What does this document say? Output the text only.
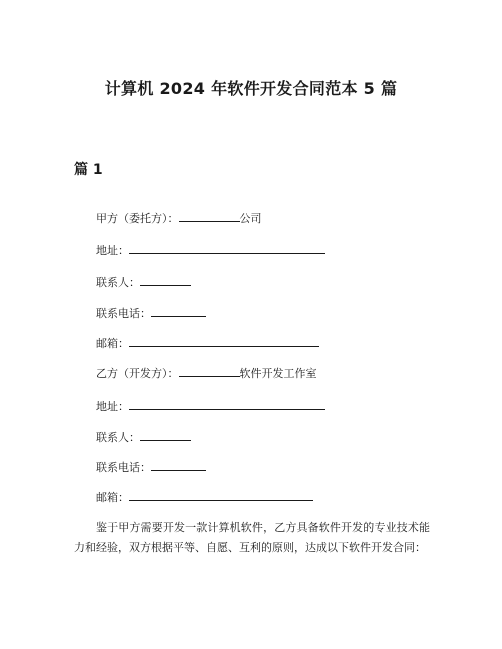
计算机 2024 年软件开发合同范本 5 篇
篇 1
甲方（委托方）：	公司
地址：
联系人：
联系电话：
邮箱：
乙方（开发方）：	软件开发工作室
地址：
联系人：
联系电话：
邮箱：
鉴于甲方需要开发一款计算机软件，乙方具备软件开发的专业技术能力和经验，双方根据平等、自愿、互利的原则，达成以下软件开发合同：
